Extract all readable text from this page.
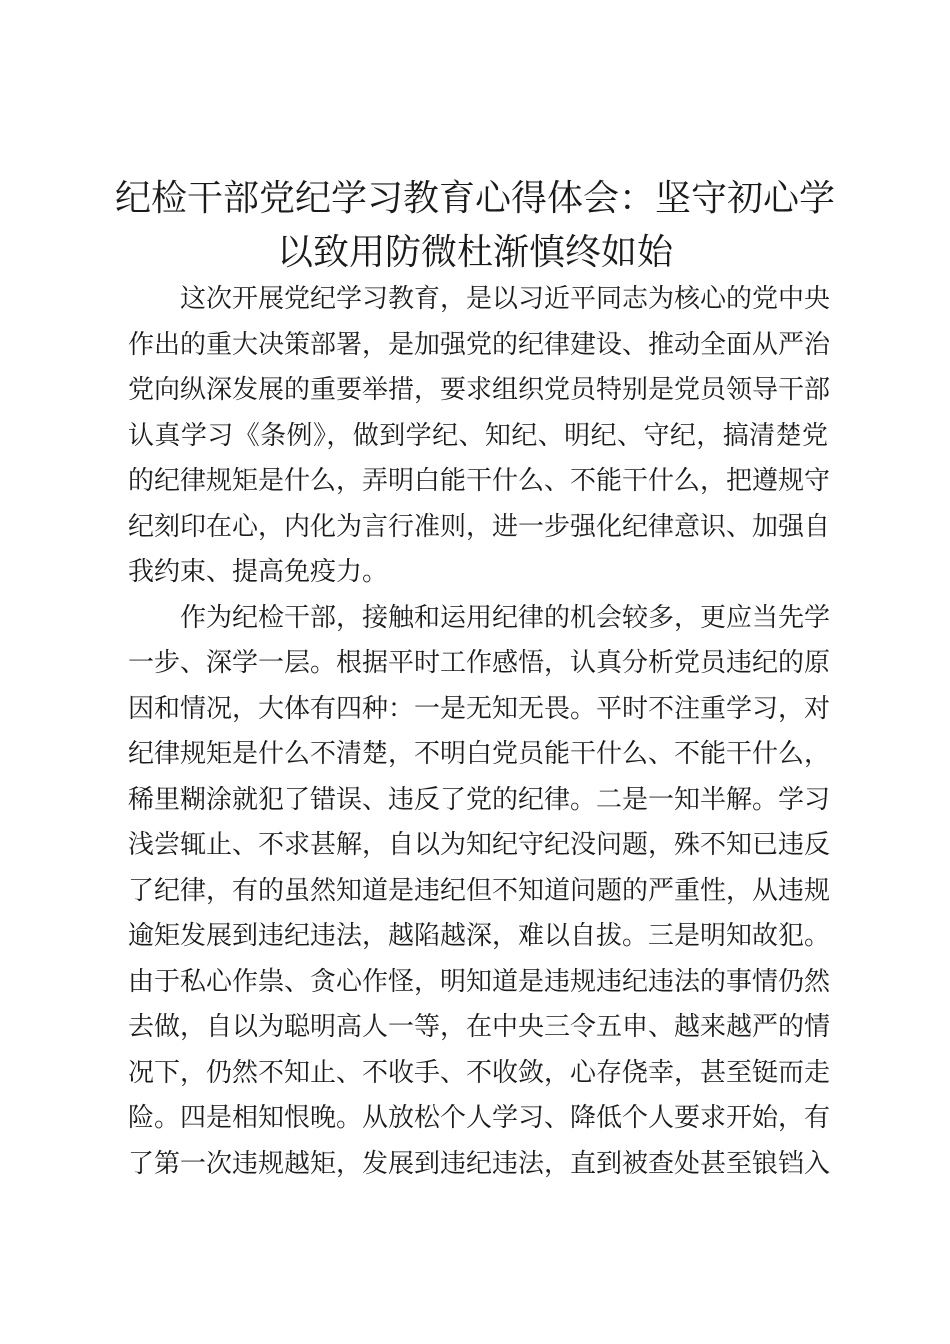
纪检干部党纪学习教育心得体会：坚守初心学
以致用防微杜渐慎终如始
这次开展党纪学习教育，是以习近平同志为核心的党中央
作出的重大决策部署，是加强党的纪律建设、推动全面从严治
党向纵深发展的重要举措，要求组织党员特别是党员领导干部
认真学习《条例》，做到学纪、知纪、明纪、守纪，搞清楚党
的纪律规矩是什么，弄明白能干什么、不能干什么，把遵规守
纪刻印在心，内化为言行准则，进一步强化纪律意识、加强自
我约束、提高免疫力。
作为纪检干部，接触和运用纪律的机会较多，更应当先学
一步、深学一层。根据平时工作感悟，认真分析党员违纪的原
因和情况，大体有四种：一是无知无畏。平时不注重学习，对
纪律规矩是什么不清楚，不明白党员能干什么、不能干什么，
稀里糊涂就犯了错误、违反了党的纪律。二是一知半解。学习
浅尝辄止、不求甚解，自以为知纪守纪没问题，殊不知已违反
了纪律，有的虽然知道是违纪但不知道问题的严重性，从违规
逾矩发展到违纪违法，越陷越深，难以自拔。三是明知故犯。
由于私心作祟、贪心作怪，明知道是违规违纪违法的事情仍然
去做，自以为聪明高人一等，在中央三令五申、越来越严的情
况下，仍然不知止、不收手、不收敛，心存侥幸，甚至铤而走
险。四是相知恨晚。从放松个人学习、降低个人要求开始，有
了第一次违规越矩，发展到违纪违法，直到被查处甚至锒铛入
